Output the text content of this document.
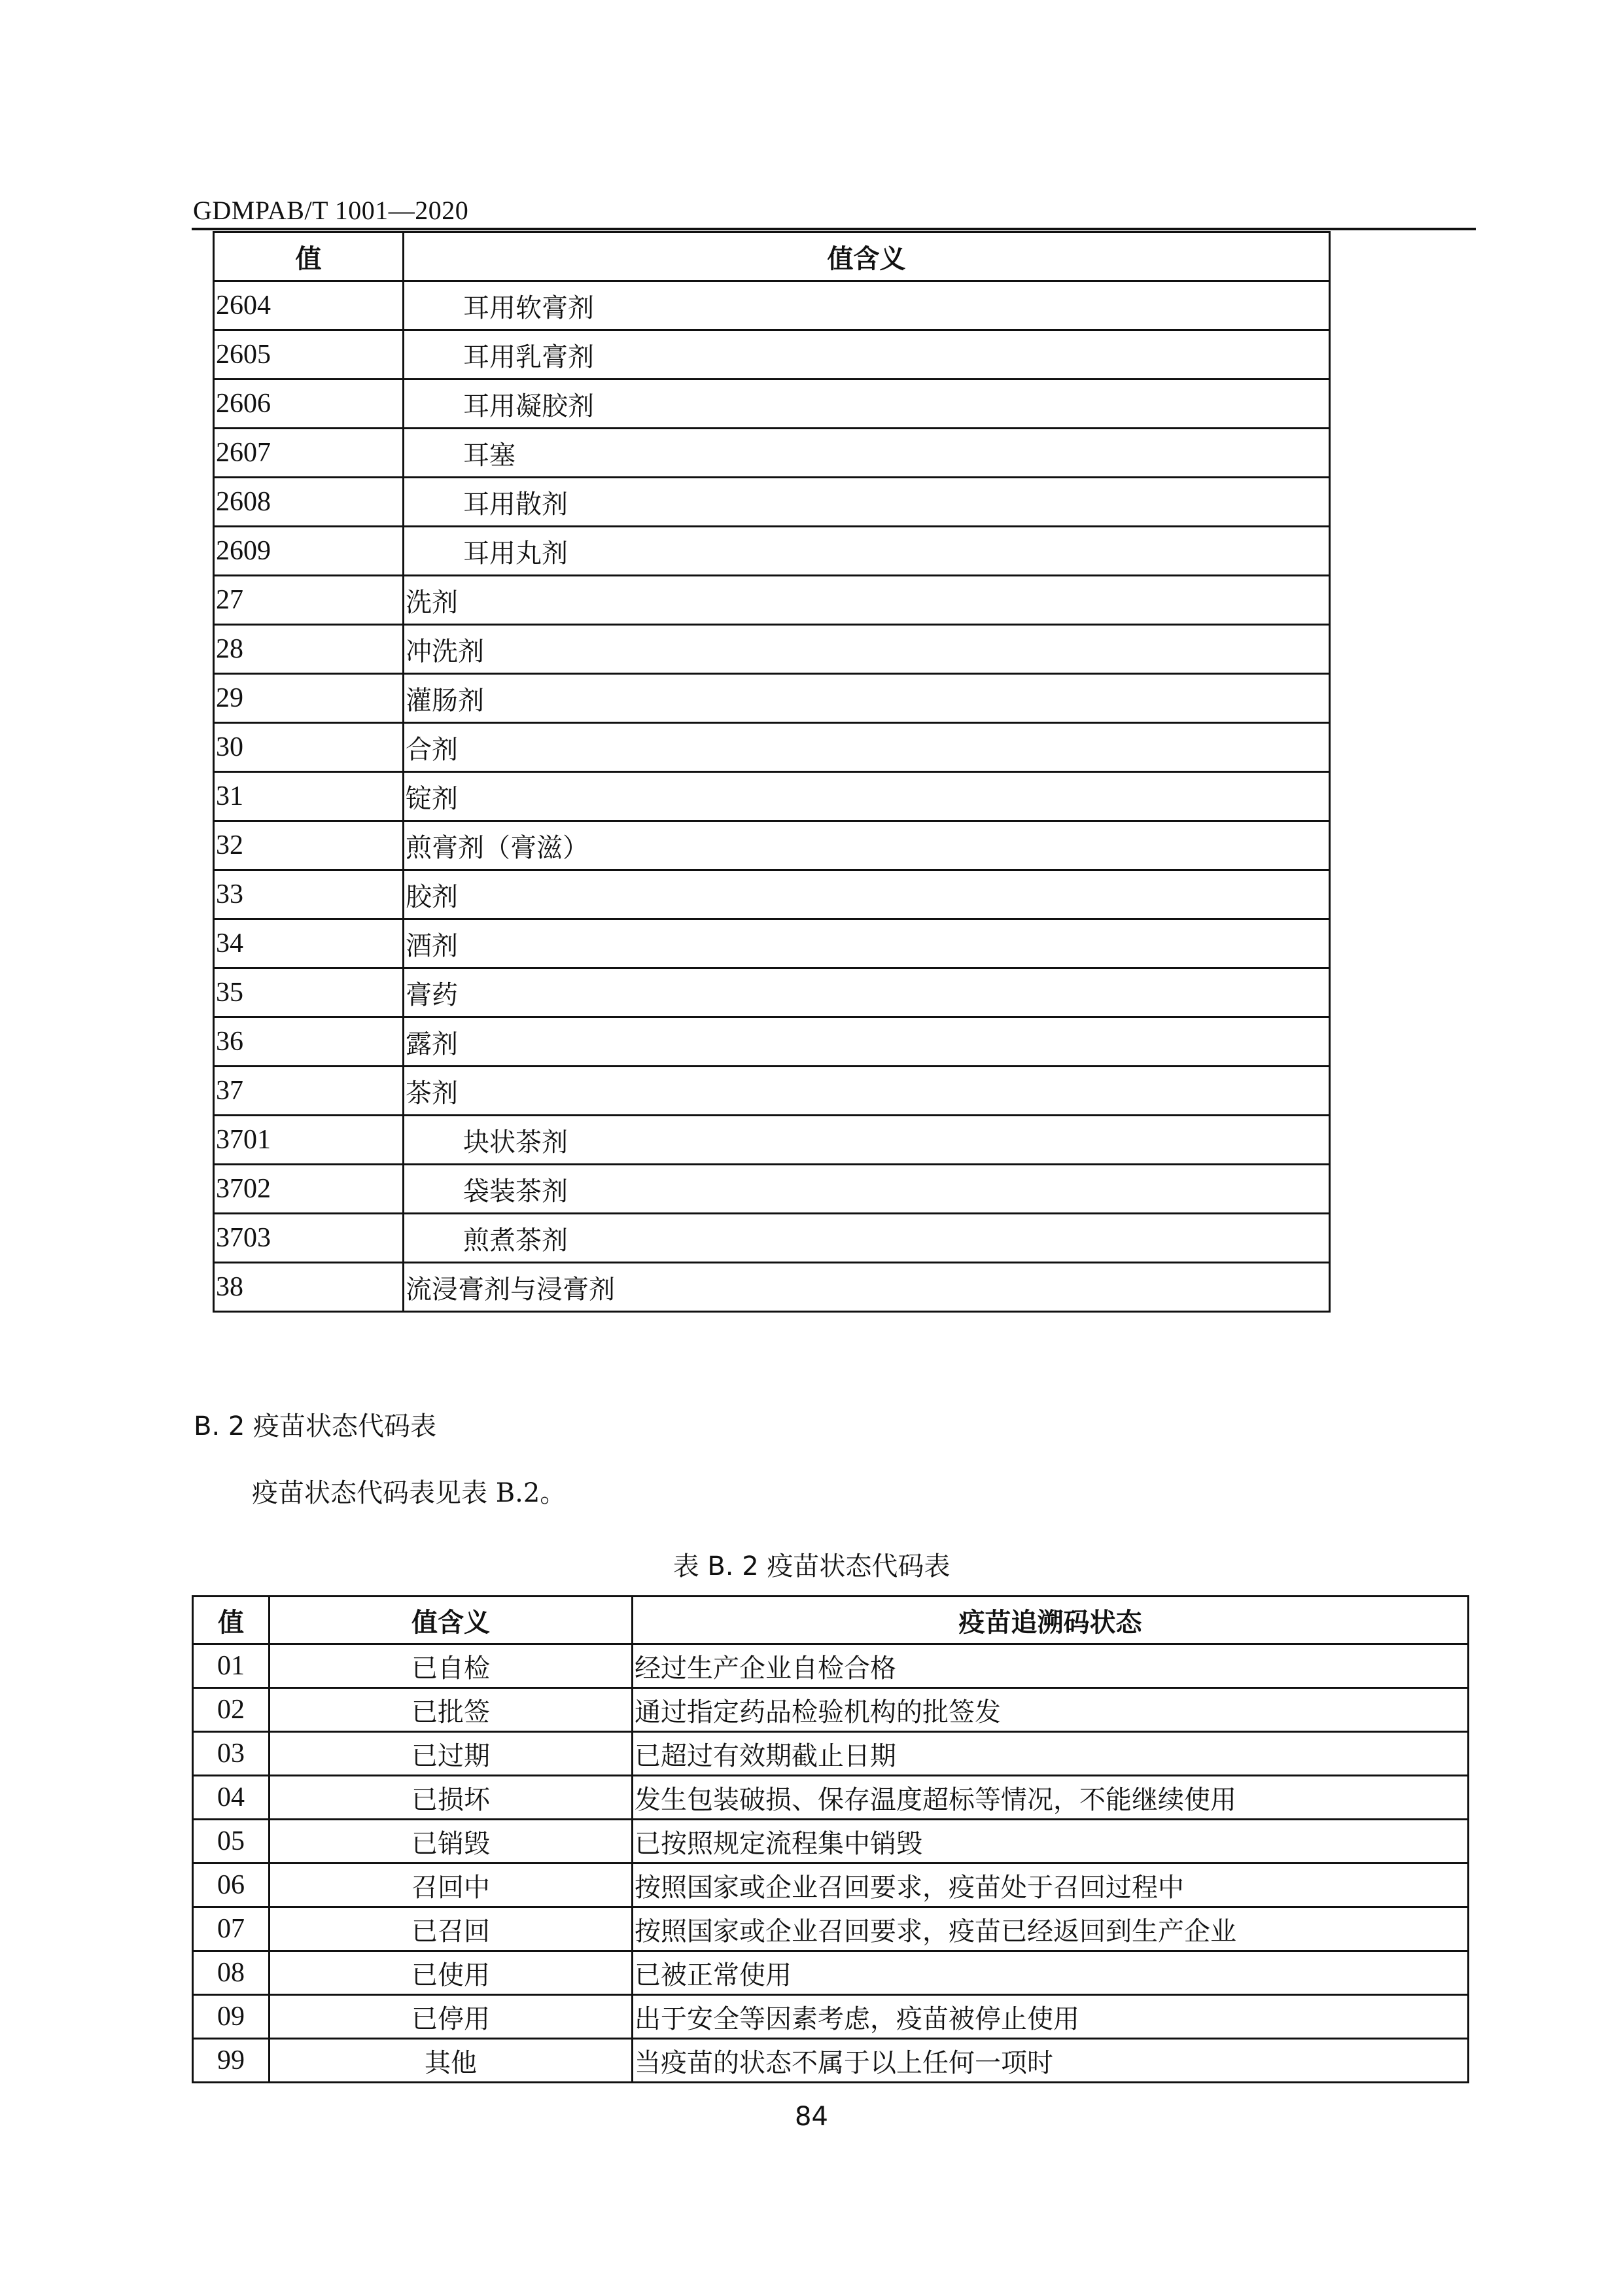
GDMPAB/T 1001—2020
值	值含义
2604	耳用软膏剂
2605	耳用乳膏剂
2606	耳用凝胶剂
2607	耳塞
2608	耳用散剂
2609	耳用丸剂
27	洗剂
28	冲洗剂
29	灌肠剂
30	合剂
31	锭剂
32	煎膏剂（膏滋）
33	胶剂
34	酒剂
35	膏药
36	露剂
37	茶剂
3701	块状茶剂
3702	袋装茶剂
3703	煎煮茶剂
38	流浸膏剂与浸膏剂
B. 2 疫苗状态代码表
疫苗状态代码表见表 B.2。
表 B. 2 疫苗状态代码表
值	值含义	疫苗追溯码状态
01	已自检	经过生产企业自检合格
02	已批签	通过指定药品检验机构的批签发
03	已过期	已超过有效期截止日期
04	已损坏	发生包装破损、保存温度超标等情况，不能继续使用
05	已销毁	已按照规定流程集中销毁
06	召回中	按照国家或企业召回要求，疫苗处于召回过程中
07	已召回	按照国家或企业召回要求，疫苗已经返回到生产企业
08	已使用	已被正常使用
09	已停用	出于安全等因素考虑，疫苗被停止使用
99	其他	当疫苗的状态不属于以上任何一项时
84
